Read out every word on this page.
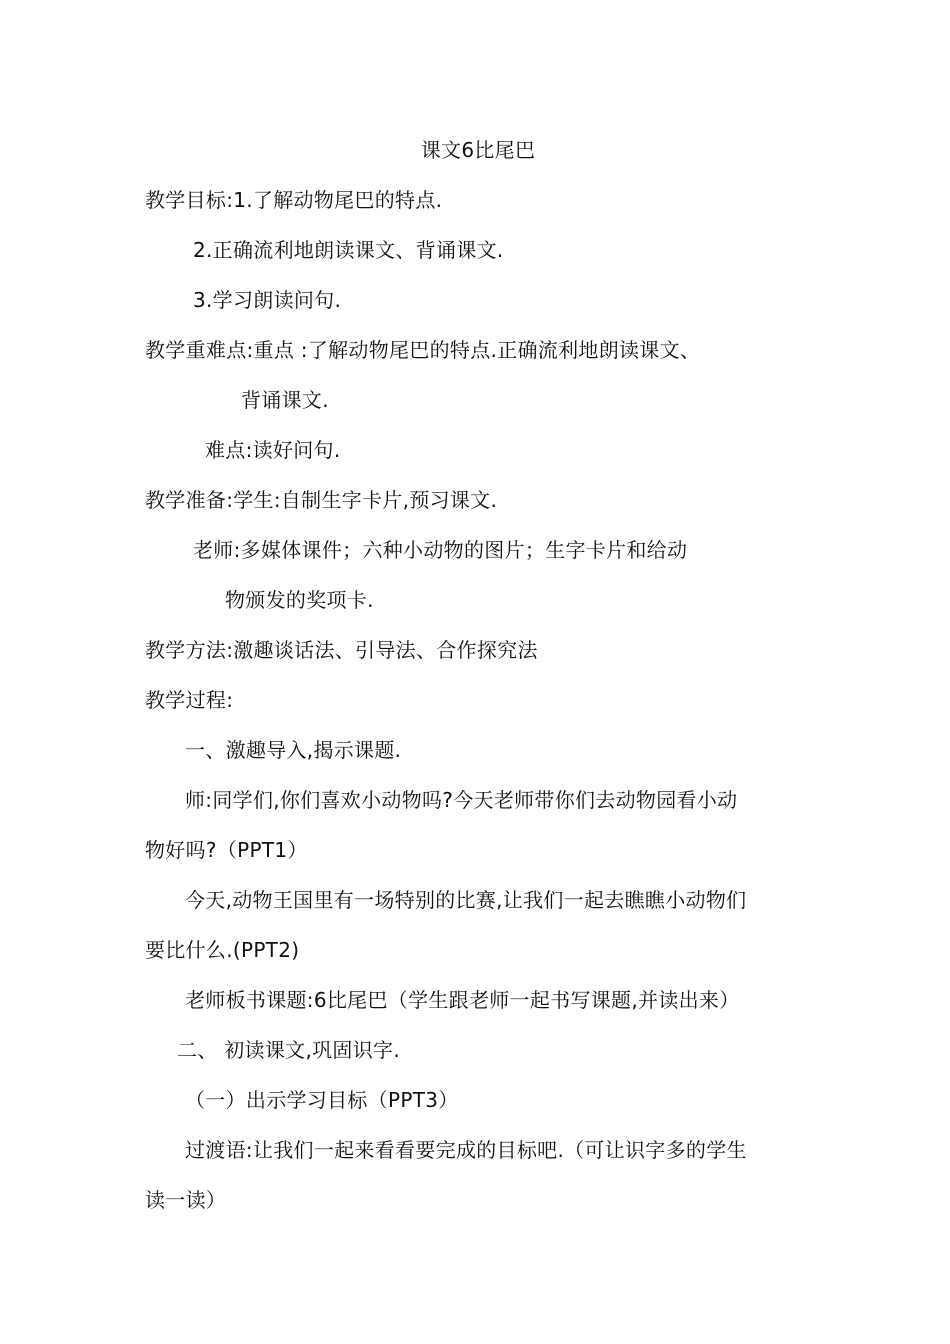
课文6比尾巴
教学目标:1.了解动物尾巴的特点.
2.正确流利地朗读课文、背诵课文.
3.学习朗读问句.
教学重难点:重点 :了解动物尾巴的特点.正确流利地朗读课文、
背诵课文.
难点:读好问句.
教学准备:学生:自制生字卡片,预习课文.
老师:多媒体课件；六种小动物的图片；生字卡片和给动
物颁发的奖项卡.
教学方法:激趣谈话法、引导法、合作探究法
教学过程:
一、激趣导入,揭示课题.
师:同学们,你们喜欢小动物吗?今天老师带你们去动物园看小动
物好吗?（PPT1）
今天,动物王国里有一场特别的比赛,让我们一起去瞧瞧小动物们
要比什么.(PPT2)
老师板书课题:6比尾巴（学生跟老师一起书写课题,并读出来）
二、 初读课文,巩固识字.
（一）出示学习目标（PPT3）
过渡语:让我们一起来看看要完成的目标吧.（可让识字多的学生
读一读）
